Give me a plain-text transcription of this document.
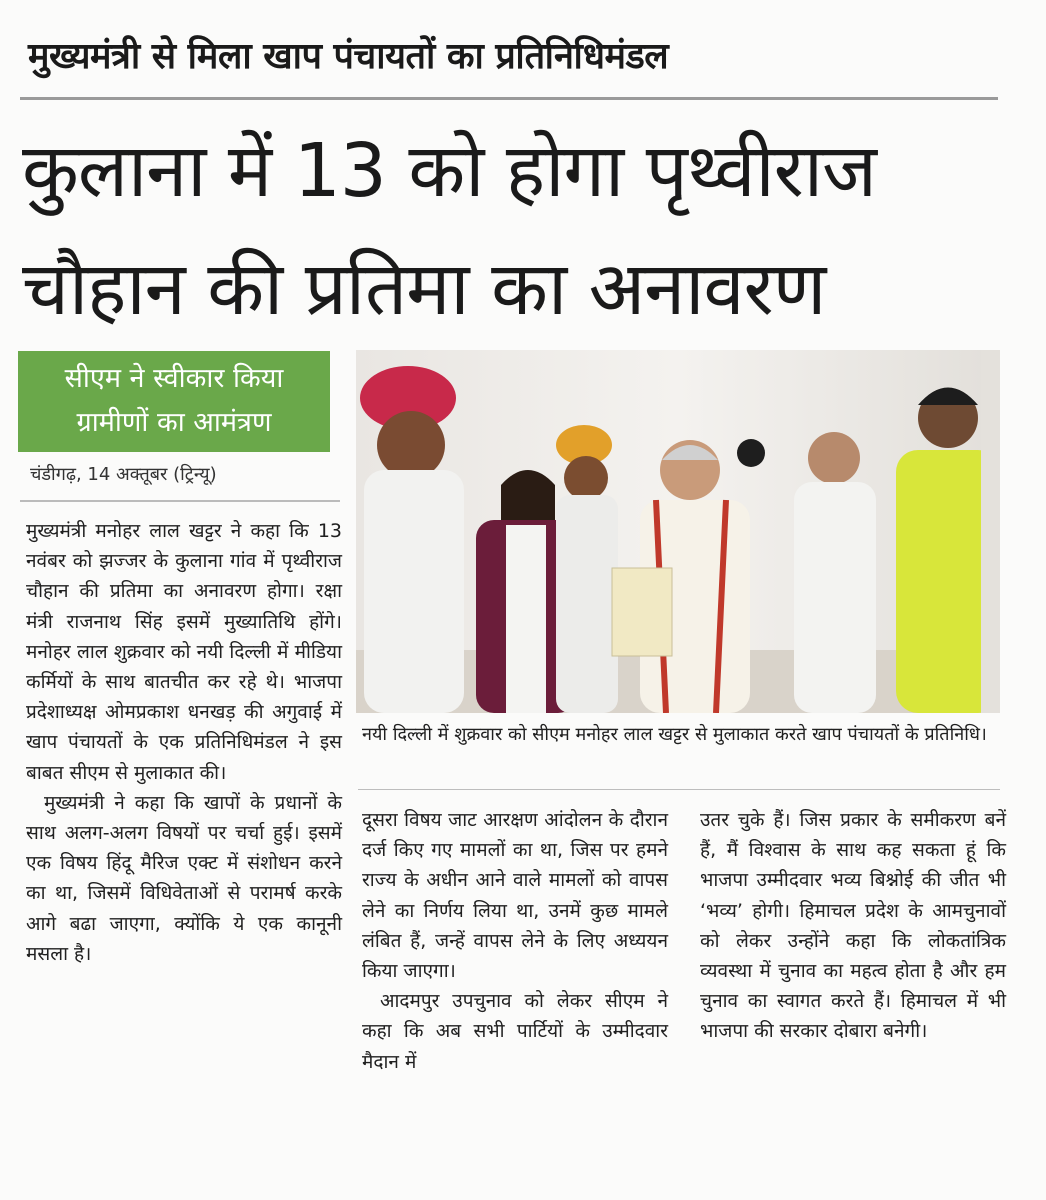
मुख्यमंत्री से मिला खाप पंचायतों का प्रतिनिधिमंडल
कुलाना में 13 को होगा पृथ्वीराज
चौहान की प्रतिमा का अनावरण
सीएम ने स्वीकार किया
ग्रामीणों का आमंत्रण
चंडीगढ़, 14 अक्तूबर (ट्रिन्यू)

मुख्यमंत्री मनोहर लाल खट्टर ने कहा कि 13 नवंबर को झज्जर के कुलाना गांव में पृथ्वीराज चौहान की प्रतिमा का अनावरण होगा। रक्षा मंत्री राजनाथ सिंह इसमें मुख्यातिथि होंगे। मनोहर लाल शुक्रवार को नयी दिल्ली में मीडिया कर्मियों के साथ बातचीत कर रहे थे। भाजपा प्रदेशाध्यक्ष ओमप्रकाश धनखड़ की अगुवाई में खाप पंचायतों के एक प्रतिनिधिमंडल ने इस बाबत सीएम से मुलाकात की।

मुख्यमंत्री ने कहा कि खापों के प्रधानों के साथ अलग-अलग विषयों पर चर्चा हुई। इसमें एक विषय हिंदू मैरिज एक्ट में संशोधन करने का था, जिसमें विधिवेताओं से परामर्ष करके आगे बढा जाएगा, क्योंकि ये एक कानूनी मसला है।

नयी दिल्ली में शुक्रवार को सीएम मनोहर लाल खट्टर से मुलाकात करते खाप पंचायतों के प्रतिनिधि।

दूसरा विषय जाट आरक्षण आंदोलन के दौरान दर्ज किए गए मामलों का था, जिस पर हमने राज्य के अधीन आने वाले मामलों को वापस लेने का निर्णय लिया था, उनमें कुछ मामले लंबित हैं, जन्हें वापस लेने के लिए अध्ययन किया जाएगा।

आदमपुर उपचुनाव को लेकर सीएम ने कहा कि अब सभी पार्टियों के उम्मीदवार मैदान में

उतर चुके हैं। जिस प्रकार के समीकरण बनें हैं, मैं विश्वास के साथ कह सकता हूं कि भाजपा उम्मीदवार भव्य बिश्नोई की जीत भी ‘भव्य’ होगी। हिमाचल प्रदेश के आमचुनावों को लेकर उन्होंने कहा कि लोकतांत्रिक व्यवस्था में चुनाव का महत्व होता है और हम चुनाव का स्वागत करते हैं। हिमाचल में भी भाजपा की सरकार दोबारा बनेगी।
